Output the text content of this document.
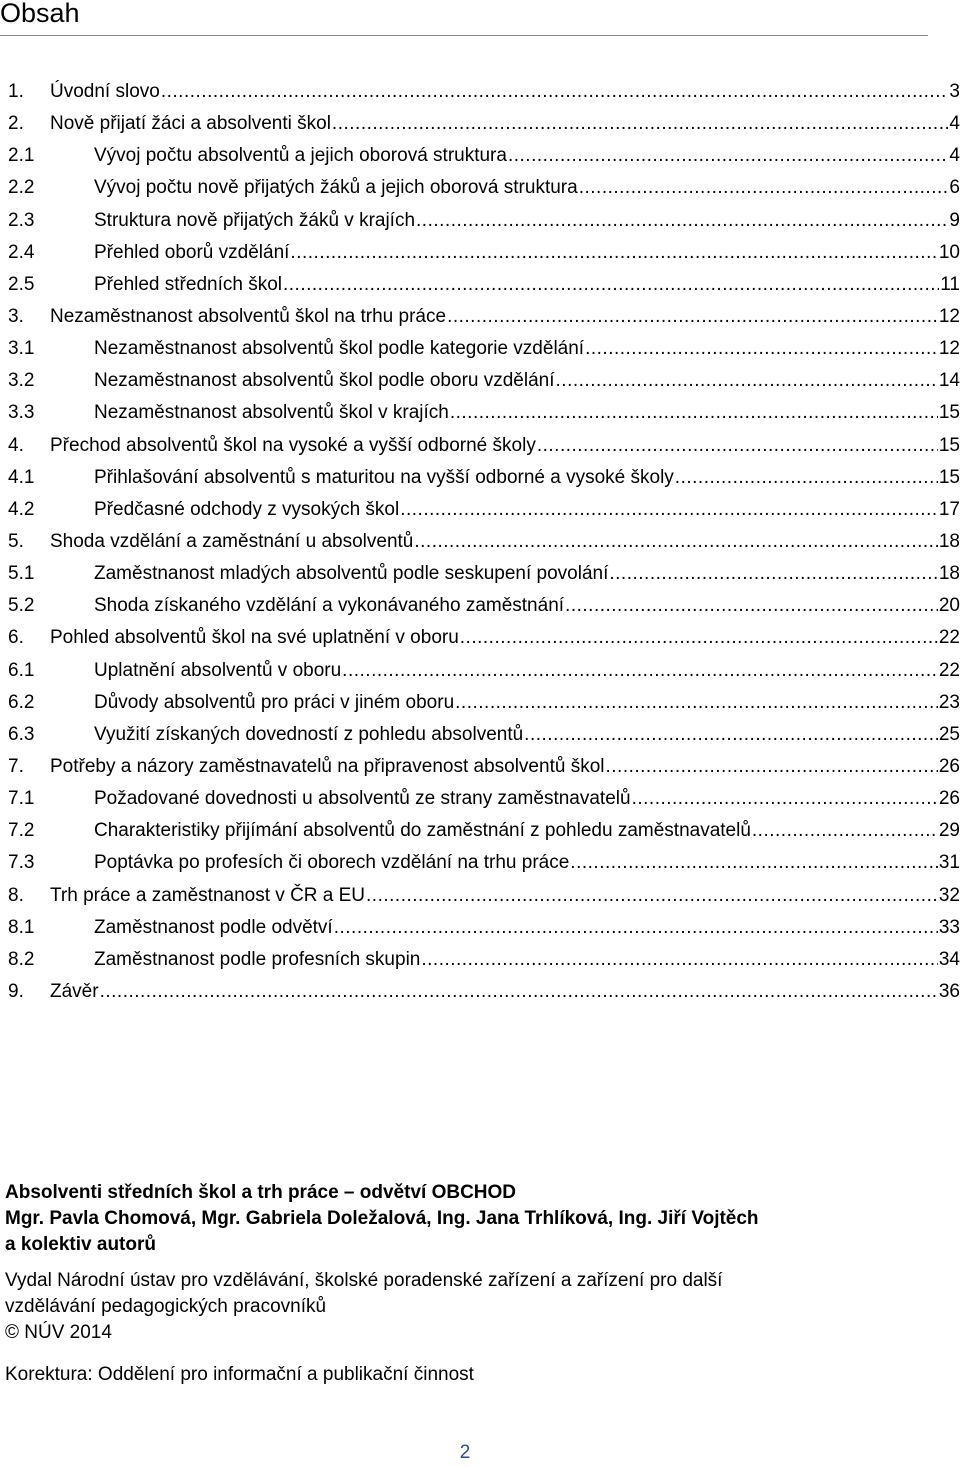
Obsah
1.	Úvodní slovo .....	3
2.	Nově přijatí žáci a absolventi škol .....	4
2.1	Vývoj počtu absolventů a jejich oborová struktura .....	4
2.2	Vývoj počtu nově přijatých žáků a jejich oborová struktura .....	6
2.3	Struktura nově přijatých žáků v krajích .....	9
2.4	Přehled oborů vzdělání .....	10
2.5	Přehled středních škol .....	11
3.	Nezaměstnanost absolventů škol na trhu práce .....	12
3.1	Nezaměstnanost absolventů škol podle kategorie vzdělání .....	12
3.2	Nezaměstnanost absolventů škol podle oboru vzdělání .....	14
3.3	Nezaměstnanost absolventů škol v krajích .....	15
4.	Přechod absolventů škol na vysoké a vyšší odborné školy .....	15
4.1	Přihlašování absolventů s maturitou na vyšší odborné a vysoké školy .....	15
4.2	Předčasné odchody z vysokých škol .....	17
5.	Shoda vzdělání a zaměstnání u absolventů .....	18
5.1	Zaměstnanost mladých absolventů podle seskupení povolání .....	18
5.2	Shoda získaného vzdělání a vykonávaného zaměstnání .....	20
6.	Pohled absolventů škol na své uplatnění v oboru .....	22
6.1	Uplatnění absolventů v oboru .....	22
6.2	Důvody absolventů pro práci v jiném oboru .....	23
6.3	Využití získaných dovedností z pohledu absolventů .....	25
7.	Potřeby a názory zaměstnavatelů na připravenost absolventů škol .....	26
7.1	Požadované dovednosti u absolventů ze strany zaměstnavatelů .....	26
7.2	Charakteristiky přijímání absolventů do zaměstnání z pohledu zaměstnavatelů .....	29
7.3	Poptávka po profesích či oborech vzdělání na trhu práce .....	31
8.	Trh práce a zaměstnanost v ČR a EU .....	32
8.1	Zaměstnanost podle odvětví .....	33
8.2	Zaměstnanost podle profesních skupin .....	34
9.	Závěr .....	36

Absolventi středních škol a trh práce – odvětví OBCHOD

Mgr. Pavla Chomová, Mgr. Gabriela Doležalová, Ing. Jana Trhlíková, Ing. Jiří Vojtěch

a kolektiv autorů

Vydal Národní ústav pro vzdělávání, školské poradenské zařízení a zařízení pro další

vzdělávání pedagogických pracovníků

© NÚV 2014

Korektura: Oddělení pro informační a publikační činnost

2
